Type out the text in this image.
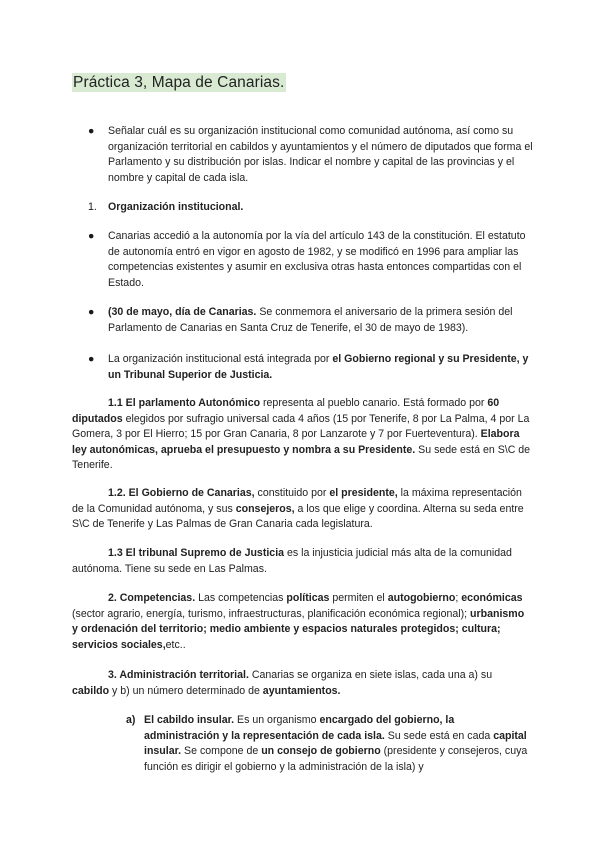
Práctica 3, Mapa de Canarias.
● Señalar cuál es su organización institucional como comunidad autónoma, así como su organización territorial en cabildos y ayuntamientos y el número de diputados que forma el Parlamento y su distribución por islas. Indicar el nombre y capital de las provincias y el nombre y capital de cada isla.

1. Organización institucional.

● Canarias accedió a la autonomía por la vía del artículo 143 de la constitución. El estatuto de autonomía entró en vigor en agosto de 1982, y se modificó en 1996 para ampliar las competencias existentes y asumir en exclusiva otras hasta entonces compartidas con el Estado.

● (30 de mayo, día de Canarias. Se conmemora el aniversario de la primera sesión del Parlamento de Canarias en Santa Cruz de Tenerife, el 30 de mayo de 1983).

● La organización institucional está integrada por el Gobierno regional y su Presidente, y un Tribunal Superior de Justicia.

1.1 El parlamento Autonómico representa al pueblo canario. Está formado por 60 diputados elegidos por sufragio universal cada 4 años (15 por Tenerife, 8 por La Palma, 4 por La Gomera, 3 por El Hierro; 15 por Gran Canaria, 8 por Lanzarote y 7 por Fuerteventura). Elabora ley autonómicas, aprueba el presupuesto y nombra a su Presidente. Su sede está en S\C de Tenerife.

1.2. El Gobierno de Canarias, constituido por el presidente, la máxima representación de la Comunidad autónoma, y sus consejeros, a los que elige y coordina. Alterna su seda entre S\C de Tenerife y Las Palmas de Gran Canaria cada legislatura.

1.3 El tribunal Supremo de Justicia es la injusticia judicial más alta de la comunidad autónoma. Tiene su sede en Las Palmas.

2. Competencias. Las competencias políticas permiten el autogobierno; económicas (sector agrario, energía, turismo, infraestructuras, planificación económica regional); urbanismo y ordenación del territorio; medio ambiente y espacios naturales protegidos; cultura; servicios sociales,etc..

3. Administración territorial. Canarias se organiza en siete islas, cada una a) su cabildo y b) un número determinado de ayuntamientos.

a) El cabildo insular. Es un organismo encargado del gobierno, la administración y la representación de cada isla. Su sede está en cada capital insular. Se compone de un consejo de gobierno (presidente y consejeros, cuya función es dirigir el gobierno y la administración de la isla) y
